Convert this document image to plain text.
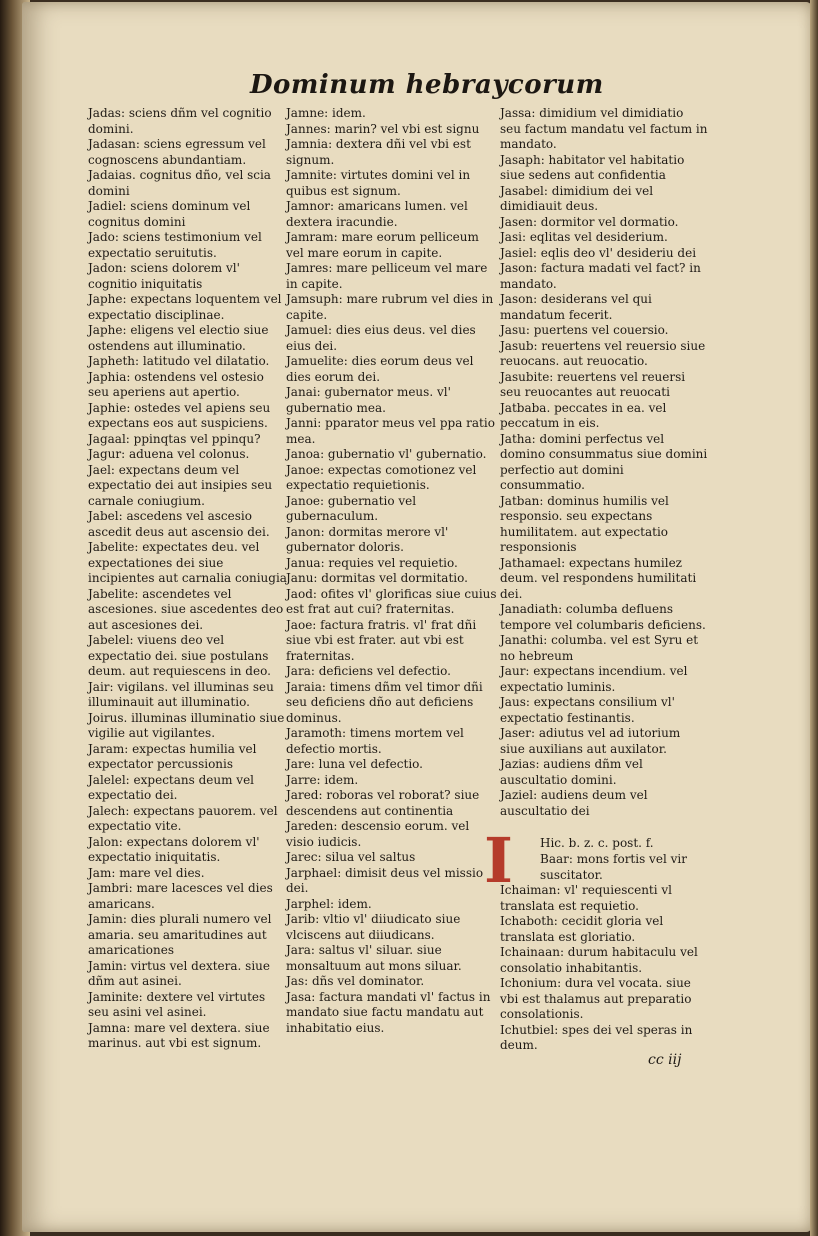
Dominum hebraycorum

Jadas: sciens dñm vel cognitio domini.

Jadasan: sciens egressum vel cognoscens abundantiam.

Jadaias. cognitus dño, vel scia domini

Jadiel: sciens dominum vel cognitus domini

Jado: sciens testimonium vel expectatio seruitutis.

Jadon: sciens dolorem vl' cognitio iniquitatis

Japhe: expectans loquentem vel expectatio disciplinae.

Japhe: eligens vel electio siue ostendens aut illuminatio.

Japheth: latitudo vel dilatatio.

Japhia: ostendens vel ostesio seu aperiens aut apertio.

Japhie: ostedes vel apiens seu expectans eos aut suspiciens.

Jagaal: ppinqtas vel ppinqu?

Jagur: aduena vel colonus.

Jael: expectans deum vel expectatio dei aut insipies seu carnale coniugium.

Jabel: ascedens vel ascesio ascedit deus aut ascensio dei.

Jabelite: expectates deu. vel expectationes dei siue incipientes aut carnalia coniugia

Jabelite: ascendetes vel ascesiones. siue ascedentes deo aut ascesiones dei.

Jabelel: viuens deo vel expectatio dei. siue postulans deum. aut requiescens in deo.

Jair: vigilans. vel illuminas seu illuminauit aut illuminatio.

Joirus. illuminas illuminatio siue vigilie aut vigilantes.

Jaram: expectas humilia vel expectator percussionis

Jalelel: expectans deum vel expectatio dei.

Jalech: expectans pauorem. vel expectatio vite.

Jalon: expectans dolorem vl' expectatio iniquitatis.

Jam: mare vel dies.

Jambri: mare lacesces vel dies amaricans.

Jamin: dies plurali numero vel amaria. seu amaritudines aut amaricationes

Jamin: virtus vel dextera. siue dñm aut asinei.

Jaminite: dextere vel virtutes seu asini vel asinei.

Jamna: mare vel dextera. siue marinus. aut vbi est signum.

Jamne: idem.

Jannes: marin? vel vbi est signu

Jamnia: dextera dñi vel vbi est signum.

Jamnite: virtutes domini vel in quibus est signum.

Jamnor: amaricans lumen. vel dextera iracundie.

Jamram: mare eorum pelliceum vel mare eorum in capite.

Jamres: mare pelliceum vel mare in capite.

Jamsuph: mare rubrum vel dies in capite.

Jamuel: dies eius deus. vel dies eius dei.

Jamuelite: dies eorum deus vel dies eorum dei.

Janai: gubernator meus. vl' gubernatio mea.

Janni: pparator meus vel ppa ratio mea.

Janoa: gubernatio vl' gubernatio.

Janoe: expectas comotionez vel expectatio requietionis.

Janoe: gubernatio vel gubernaculum.

Janon: dormitas merore vl' gubernator doloris.

Janua: requies vel requietio.

Janu: dormitas vel dormitatio.

Jaod: ofites vl' glorificas siue cuius est frat aut cui? fraternitas.

Jaoe: factura fratris. vl' frat dñi siue vbi est frater. aut vbi est fraternitas.

Jara: deficiens vel defectio.

Jaraia: timens dñm vel timor dñi seu deficiens dño aut deficiens dominus.

Jaramoth: timens mortem vel defectio mortis.

Jare: luna vel defectio.

Jarre: idem.

Jared: roboras vel roborat? siue descendens aut continentia

Jareden: descensio eorum. vel visio iudicis.

Jarec: silua vel saltus

Jarphael: dimisit deus vel missio dei.

Jarphel: idem.

Jarib: vltio vl' diiudicato siue vlciscens aut diiudicans.

Jara: saltus vl' siluar. siue monsaltuum aut mons siluar.

Jas: dñs vel dominator.

Jasa: factura mandati vl' factus in mandato siue factu mandatu aut inhabitatio eius.

Jassa: dimidium vel dimidiatio seu factum mandatu vel factum in mandato.

Jasaph: habitator vel habitatio siue sedens aut confidentia

Jasabel: dimidium dei vel dimidiauit deus.

Jasen: dormitor vel dormatio.

Jasi: eqlitas vel desiderium.

Jasiel: eqlis deo vl' desideriu dei

Jason: factura madati vel fact? in mandato.

Jason: desiderans vel qui mandatum fecerit.

Jasu: puertens vel couersio.

Jasub: reuertens vel reuersio siue reuocans. aut reuocatio.

Jasubite: reuertens vel reuersi seu reuocantes aut reuocati

Jatbaba. peccates in ea. vel peccatum in eis.

Jatha: domini perfectus vel domino consummatus siue domini perfectio aut domini consummatio.

Jatban: dominus humilis vel responsio. seu expectans humilitatem. aut expectatio responsionis

Jathamael: expectans humilez deum. vel respondens humilitati dei.

Janadiath: columba defluens tempore vel columbaris deficiens.

Janathi: columba. vel est Syru et no hebreum

Jaur: expectans incendium. vel expectatio luminis.

Jaus: expectans consilium vl' expectatio festinantis.

Jaser: adiutus vel ad iutorium siue auxilians aut auxilator.

Jazias: audiens dñm vel auscultatio domini.

Jaziel: audiens deum vel auscultatio dei

I Hic. b. z. c. post. f.
Baar: mons fortis vel vir suscitator.

Ichaiman: vl' requiescenti vl translata est requietio.

Ichaboth: cecidit gloria vel translata est gloriatio.

Ichainaan: durum habitaculu vel consolatio inhabitantis.

Ichonium: dura vel vocata. siue vbi est thalamus aut preparatio consolationis.

Ichutbiel: spes dei vel speras in deum.

cc iij
